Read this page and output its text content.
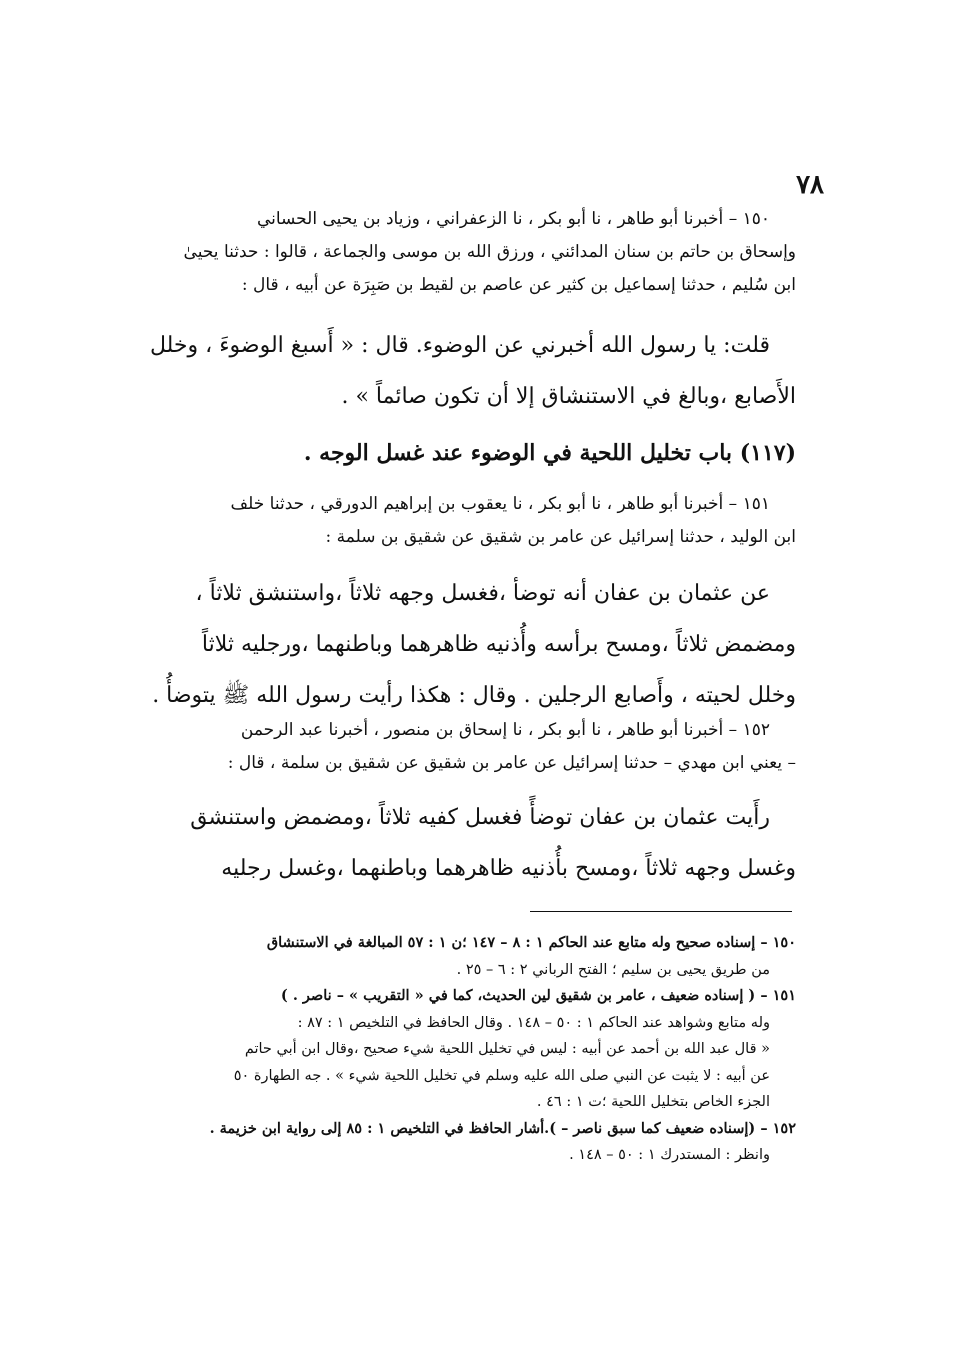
٧٨
١٥٠ – أخبرنا أبو طاهر ، نا أبو بكر ، نا الزعفراني ، وزياد بن يحيى الحساني
وإسحاق بن حاتم بن سنان المدائني ، ورزق الله بن موسى والجماعة ، قالوا : حدثنا يحيىٰ
ابن سُليم ، حدثنا إسماعيل بن كثير عن عاصم بن لقيط بن صَبِرَة عن أبيه ، قال :
قلت: يا رسول الله أخبرني عن الوضوء. قال : « أَسبغ الوضوءَ ، وخلل
الأَصابع ،وبالغ في الاستنشاق إلا أن تكون صائماً » .
(١١٧) باب تخليل اللحية في الوضوء عند غسل الوجه .
١٥١ – أخبرنا أبو طاهر ، نا أبو بكر ، نا يعقوب بن إبراهيم الدورقي ، حدثنا خلف
ابن الوليد ، حدثنا إسرائيل عن عامر بن شقيق عن شقيق بن سلمة :
عن عثمان بن عفان أنه توضأ ،فغسل وجهه ثلاثاً ،واستنشق ثلاثاً ،
ومضمض ثلاثاً ،ومسح برأسه وأُذنيه ظاهرهما وباطنهما ،ورجليه ثلاثاً
وخلل لحيته ، وأَصابع الرجلين . وقال : هكذا رأيت رسول الله ﷺ يتوضأُ .
١٥٢ – أخبرنا أبو طاهر ، نا أبو بكر ، نا إسحاق بن منصور ، أخبرنا عبد الرحمن
– يعني ابن مهدي – حدثنا إسرائيل عن عامر بن شقيق عن شقيق بن سلمة ، قال :
رأَيت عثمان بن عفان توضأً فغسل كفيه ثلاثاً ،ومضمض واستنشق
وغسل وجهه ثلاثاً ،ومسح بأُذنيه ظاهرهما وباطنهما ،وغسل رجليه
١٥٠ – إسناده صحيح وله متابع عند الحاكم ١ : ٨ – ١٤٧ ؛ن ١ : ٥٧ المبالغة في الاستنشاق
من طريق يحيى بن سليم ؛ الفتح الرباني ٢ : ٦ – ٢٥ .
١٥١ – ( إسناده ضعيف ، عامر بن شقيق لين الحديث، كما في « التقريب » – ناصر . )
وله متابع وشواهد عند الحاكم ١ : ٥٠ – ١٤٨ . وقال الحافظ في التلخيص ١ : ٨٧ :
« قال عبد الله بن أحمد عن أبيه : ليس في تخليل اللحية شيء صحيح ،وقال ابن أبي حاتم
عن أبيه : لا يثبت عن النبي صلى الله عليه وسلم في تخليل اللحية شيء » . جه الطهارة ٥٠
الجزء الخاص بتخليل اللحية ؛ت ١ : ٤٦ .
١٥٢ – (إسناده ضعيف كما سبق ناصر – ).أشار الحافظ في التلخيص ١ : ٨٥ إلى رواية ابن خزيمة .
وانظر : المستدرك ١ : ٥٠ – ١٤٨ .
